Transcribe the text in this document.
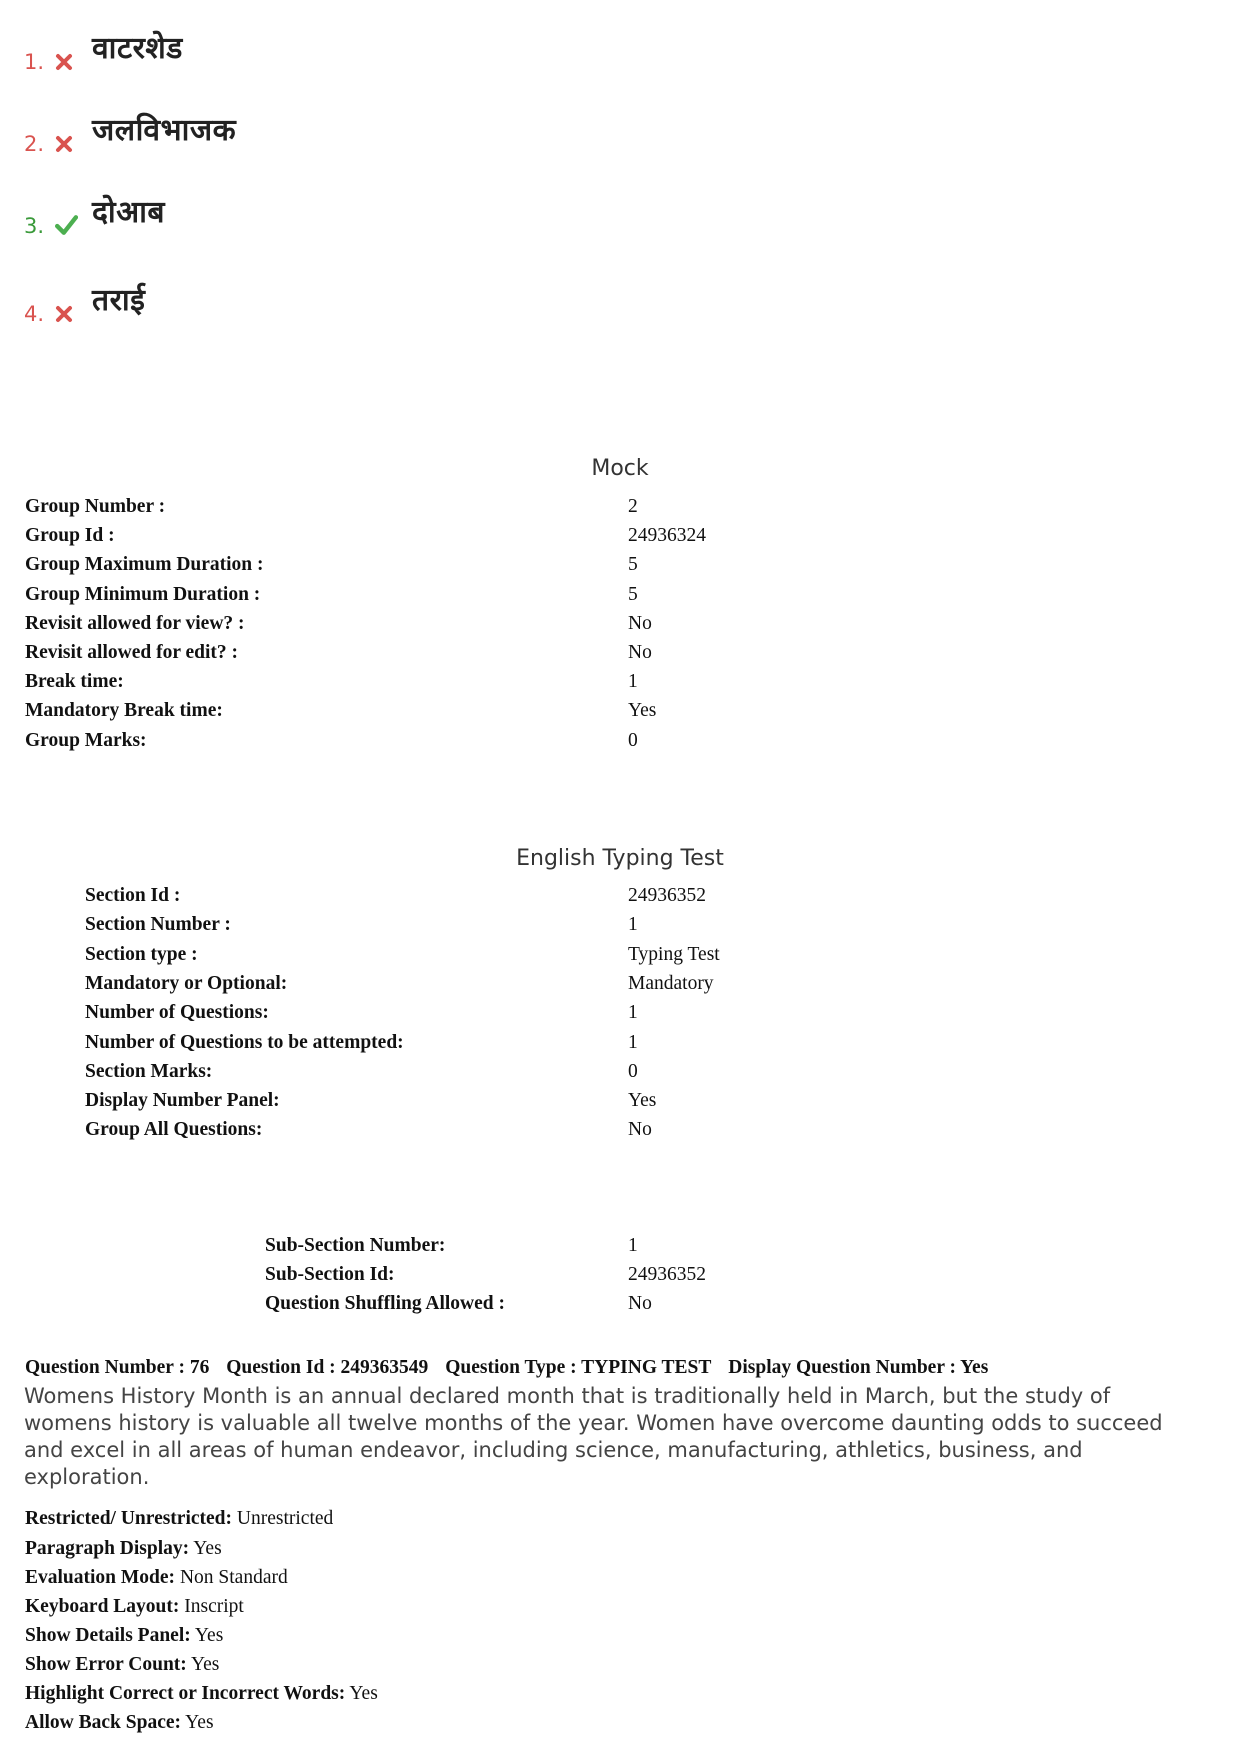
1. वाटरशेड
2. जलविभाजक
3. दोआब
4. तराई
Mock
Group Number :	2
Group Id :	24936324
Group Maximum Duration :	5
Group Minimum Duration :	5
Revisit allowed for view? :	No
Revisit allowed for edit? :	No
Break time:	1
Mandatory Break time:	Yes
Group Marks:	0
English Typing Test
Section Id :	24936352
Section Number :	1
Section type :	Typing Test
Mandatory or Optional:	Mandatory
Number of Questions:	1
Number of Questions to be attempted:	1
Section Marks:	0
Display Number Panel:	Yes
Group All Questions:	No
Sub-Section Number:	1
Sub-Section Id:	24936352
Question Shuffling Allowed :	No
Question Number : 76 Question Id : 249363549 Question Type : TYPING TEST Display Question Number : Yes
Womens History Month is an annual declared month that is traditionally held in March, but the study of womens history is valuable all twelve months of the year. Women have overcome daunting odds to succeed and excel in all areas of human endeavor, including science, manufacturing, athletics, business, and exploration.
Restricted/ Unrestricted: Unrestricted
Paragraph Display: Yes
Evaluation Mode: Non Standard
Keyboard Layout: Inscript
Show Details Panel: Yes
Show Error Count: Yes
Highlight Correct or Incorrect Words: Yes
Allow Back Space: Yes
